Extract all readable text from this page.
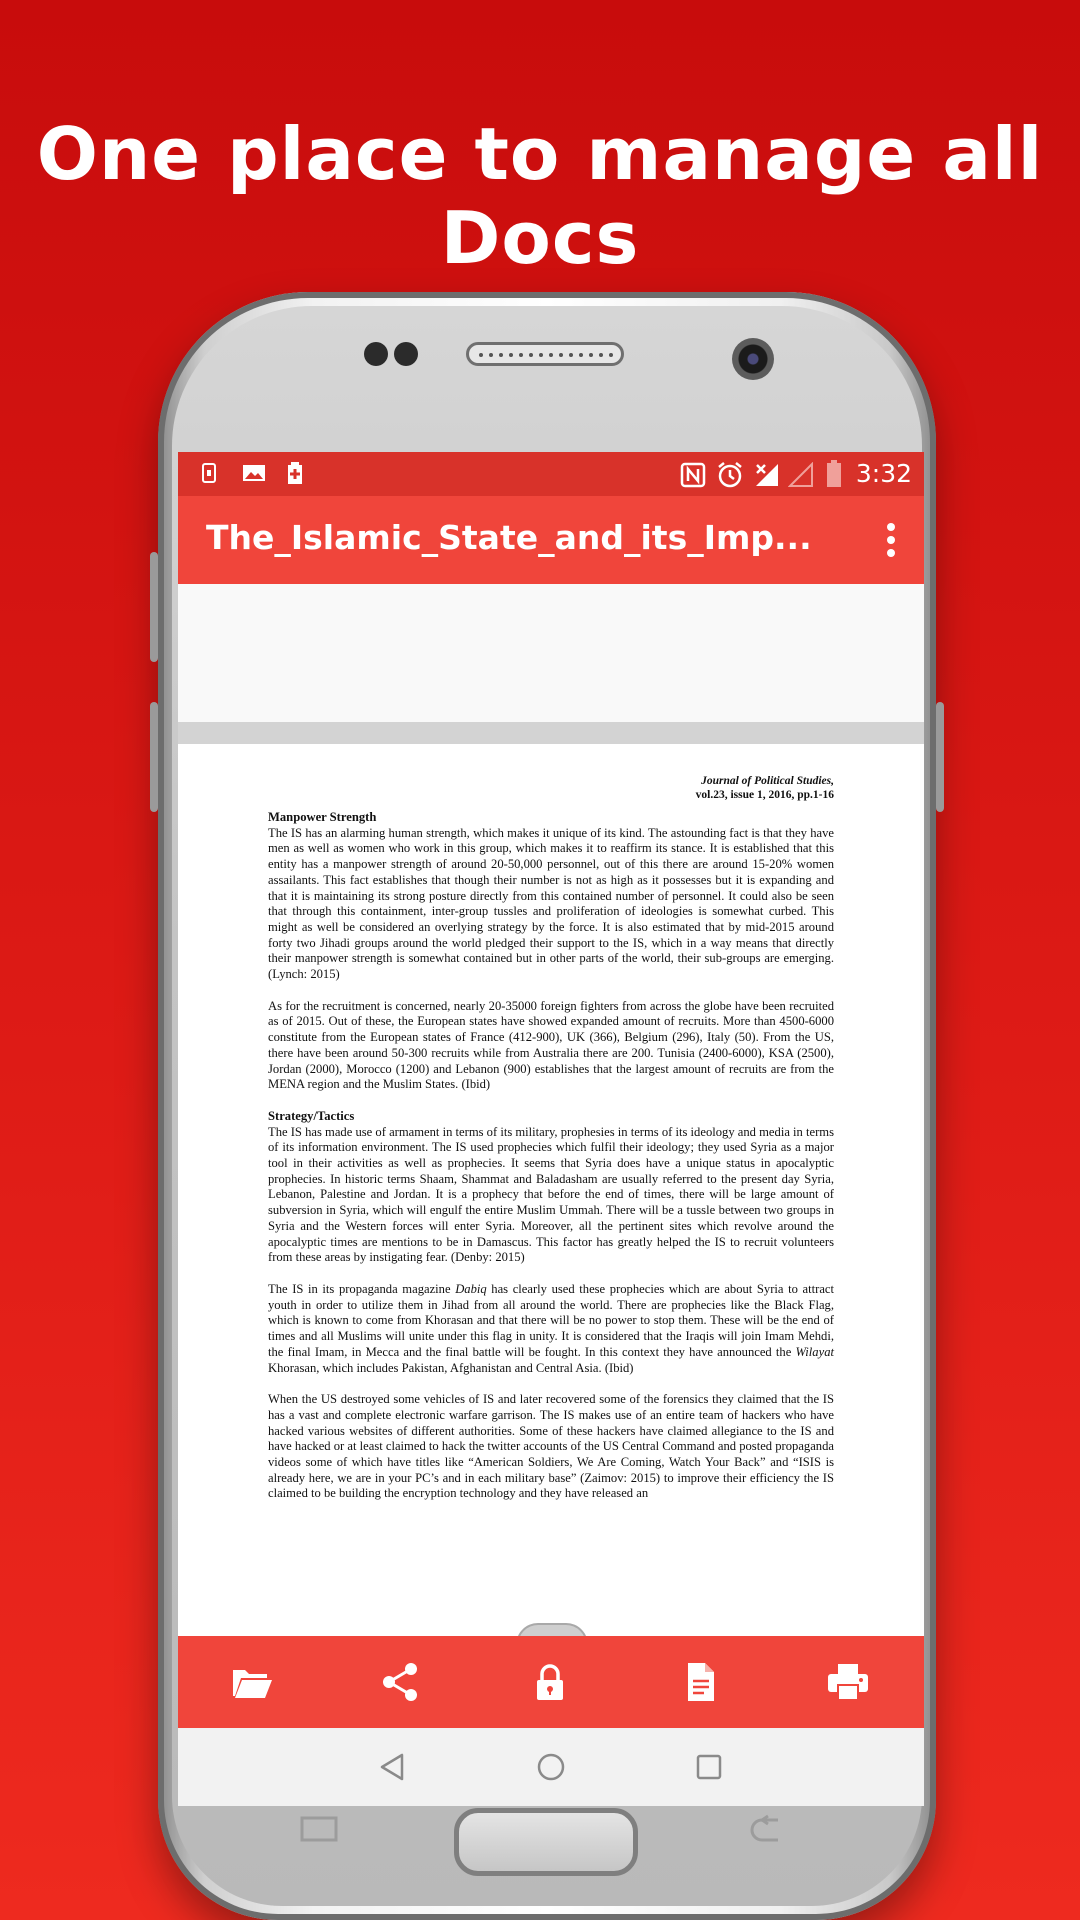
One place to manage all Docs
3:32
The_Islamic_State_and_its_Imp...
Journal of Political Studies,
vol.23, issue 1, 2016, pp.1-16
Manpower Strength

The IS has an alarming human strength, which makes it unique of its kind. The astounding fact is that they have men as well as women who work in this group, which makes it to reaffirm its stance. It is established that this entity has a manpower strength of around 20-50,000 personnel, out of this there are around 15-20% women assailants. This fact establishes that though their number is not as high as it possesses but it is expanding and that it is maintaining its strong posture directly from this contained number of personnel. It could also be seen that through this containment, inter-group tussles and proliferation of ideologies is somewhat curbed. This might as well be considered an overlying strategy by the force. It is also estimated that by mid-2015 around forty two Jihadi groups around the world pledged their support to the IS, which in a way means that directly their manpower strength is somewhat contained but in other parts of the world, their sub-groups are emerging. (Lynch: 2015)

As for the recruitment is concerned, nearly 20-35000 foreign fighters from across the globe have been recruited as of 2015. Out of these, the European states have showed expanded amount of recruits. More than 4500-6000 constitute from the European states of France (412-900), UK (366), Belgium (296), Italy (50). From the US, there have been around 50-300 recruits while from Australia there are 200. Tunisia (2400-6000), KSA (2500), Jordan (2000), Morocco (1200) and Lebanon (900) establishes that the largest amount of recruits are from the MENA region and the Muslim States. (Ibid)

Strategy/Tactics

The IS has made use of armament in terms of its military, prophesies in terms of its ideology and media in terms of its information environment. The IS used prophecies which fulfil their ideology; they used Syria as a major tool in their activities as well as prophecies. It seems that Syria does have a unique status in apocalyptic prophecies. In historic terms Shaam, Shammat and Baladasham are usually referred to the present day Syria, Lebanon, Palestine and Jordan. It is a prophecy that before the end of times, there will be large amount of subversion in Syria, which will engulf the entire Muslim Ummah. There will be a tussle between two groups in Syria and the Western forces will enter Syria. Moreover, all the pertinent sites which revolve around the apocalyptic times are mentions to be in Damascus. This factor has greatly helped the IS to recruit volunteers from these areas by instigating fear. (Denby: 2015)

The IS in its propaganda magazine Dabiq has clearly used these prophecies which are about Syria to attract youth in order to utilize them in Jihad from all around the world. There are prophecies like the Black Flag, which is known to come from Khorasan and that there will be no power to stop them. These will be the end of times and all Muslims will unite under this flag in unity. It is considered that the Iraqis will join Imam Mehdi, the final Imam, in Mecca and the final battle will be fought. In this context they have announced the Wilayat Khorasan, which includes Pakistan, Afghanistan and Central Asia. (Ibid)

When the US destroyed some vehicles of IS and later recovered some of the forensics they claimed that the IS has a vast and complete electronic warfare garrison. The IS makes use of an entire team of hackers who have hacked various websites of different authorities. Some of these hackers have claimed allegiance to the IS and have hacked or at least claimed to hack the twitter accounts of the US Central Command and posted propaganda videos some of which have titles like “American Soldiers, We Are Coming, Watch Your Back” and “ISIS is already here, we are in your PC’s and in each military base” (Zaimov: 2015) to improve their efficiency the IS claimed to be building the encryption technology and they have released an
